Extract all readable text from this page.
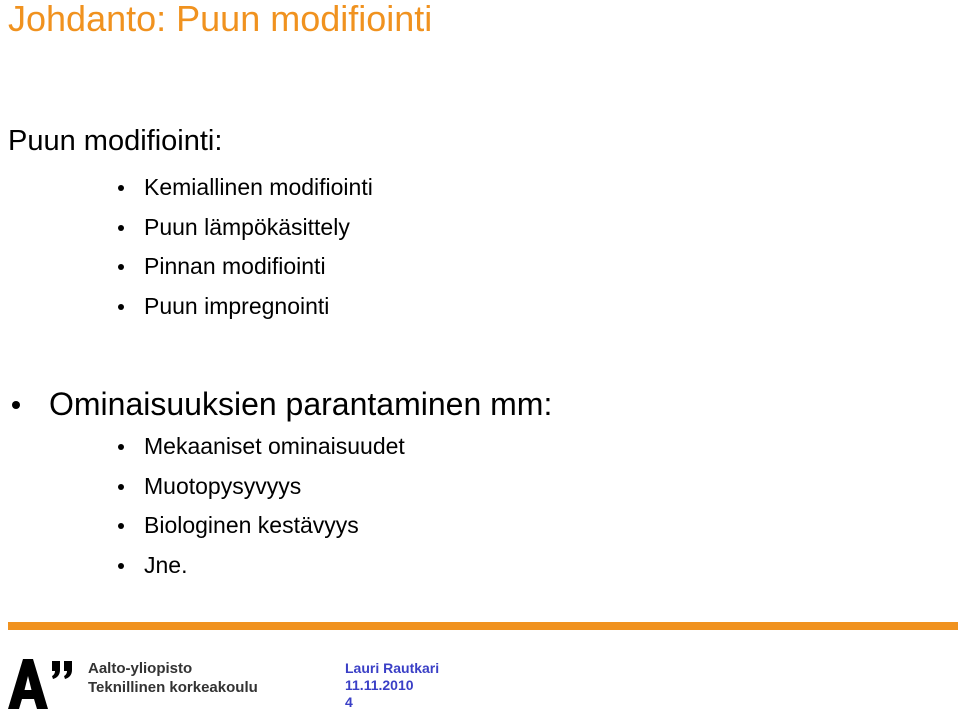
Johdanto: Puun modifiointi

Puun modifiointi:

Kemiallinen modifiointi
Puun lämpökäsittely
Pinnan modifiointi
Puun impregnointi

Ominaisuuksien parantaminen mm:

Mekaaniset ominaisuudet
Muotopysyvyys
Biologinen kestävyys
Jne.
Aalto-yliopisto
Teknillinen korkeakoulu
Lauri Rautkari
11.11.2010
4
